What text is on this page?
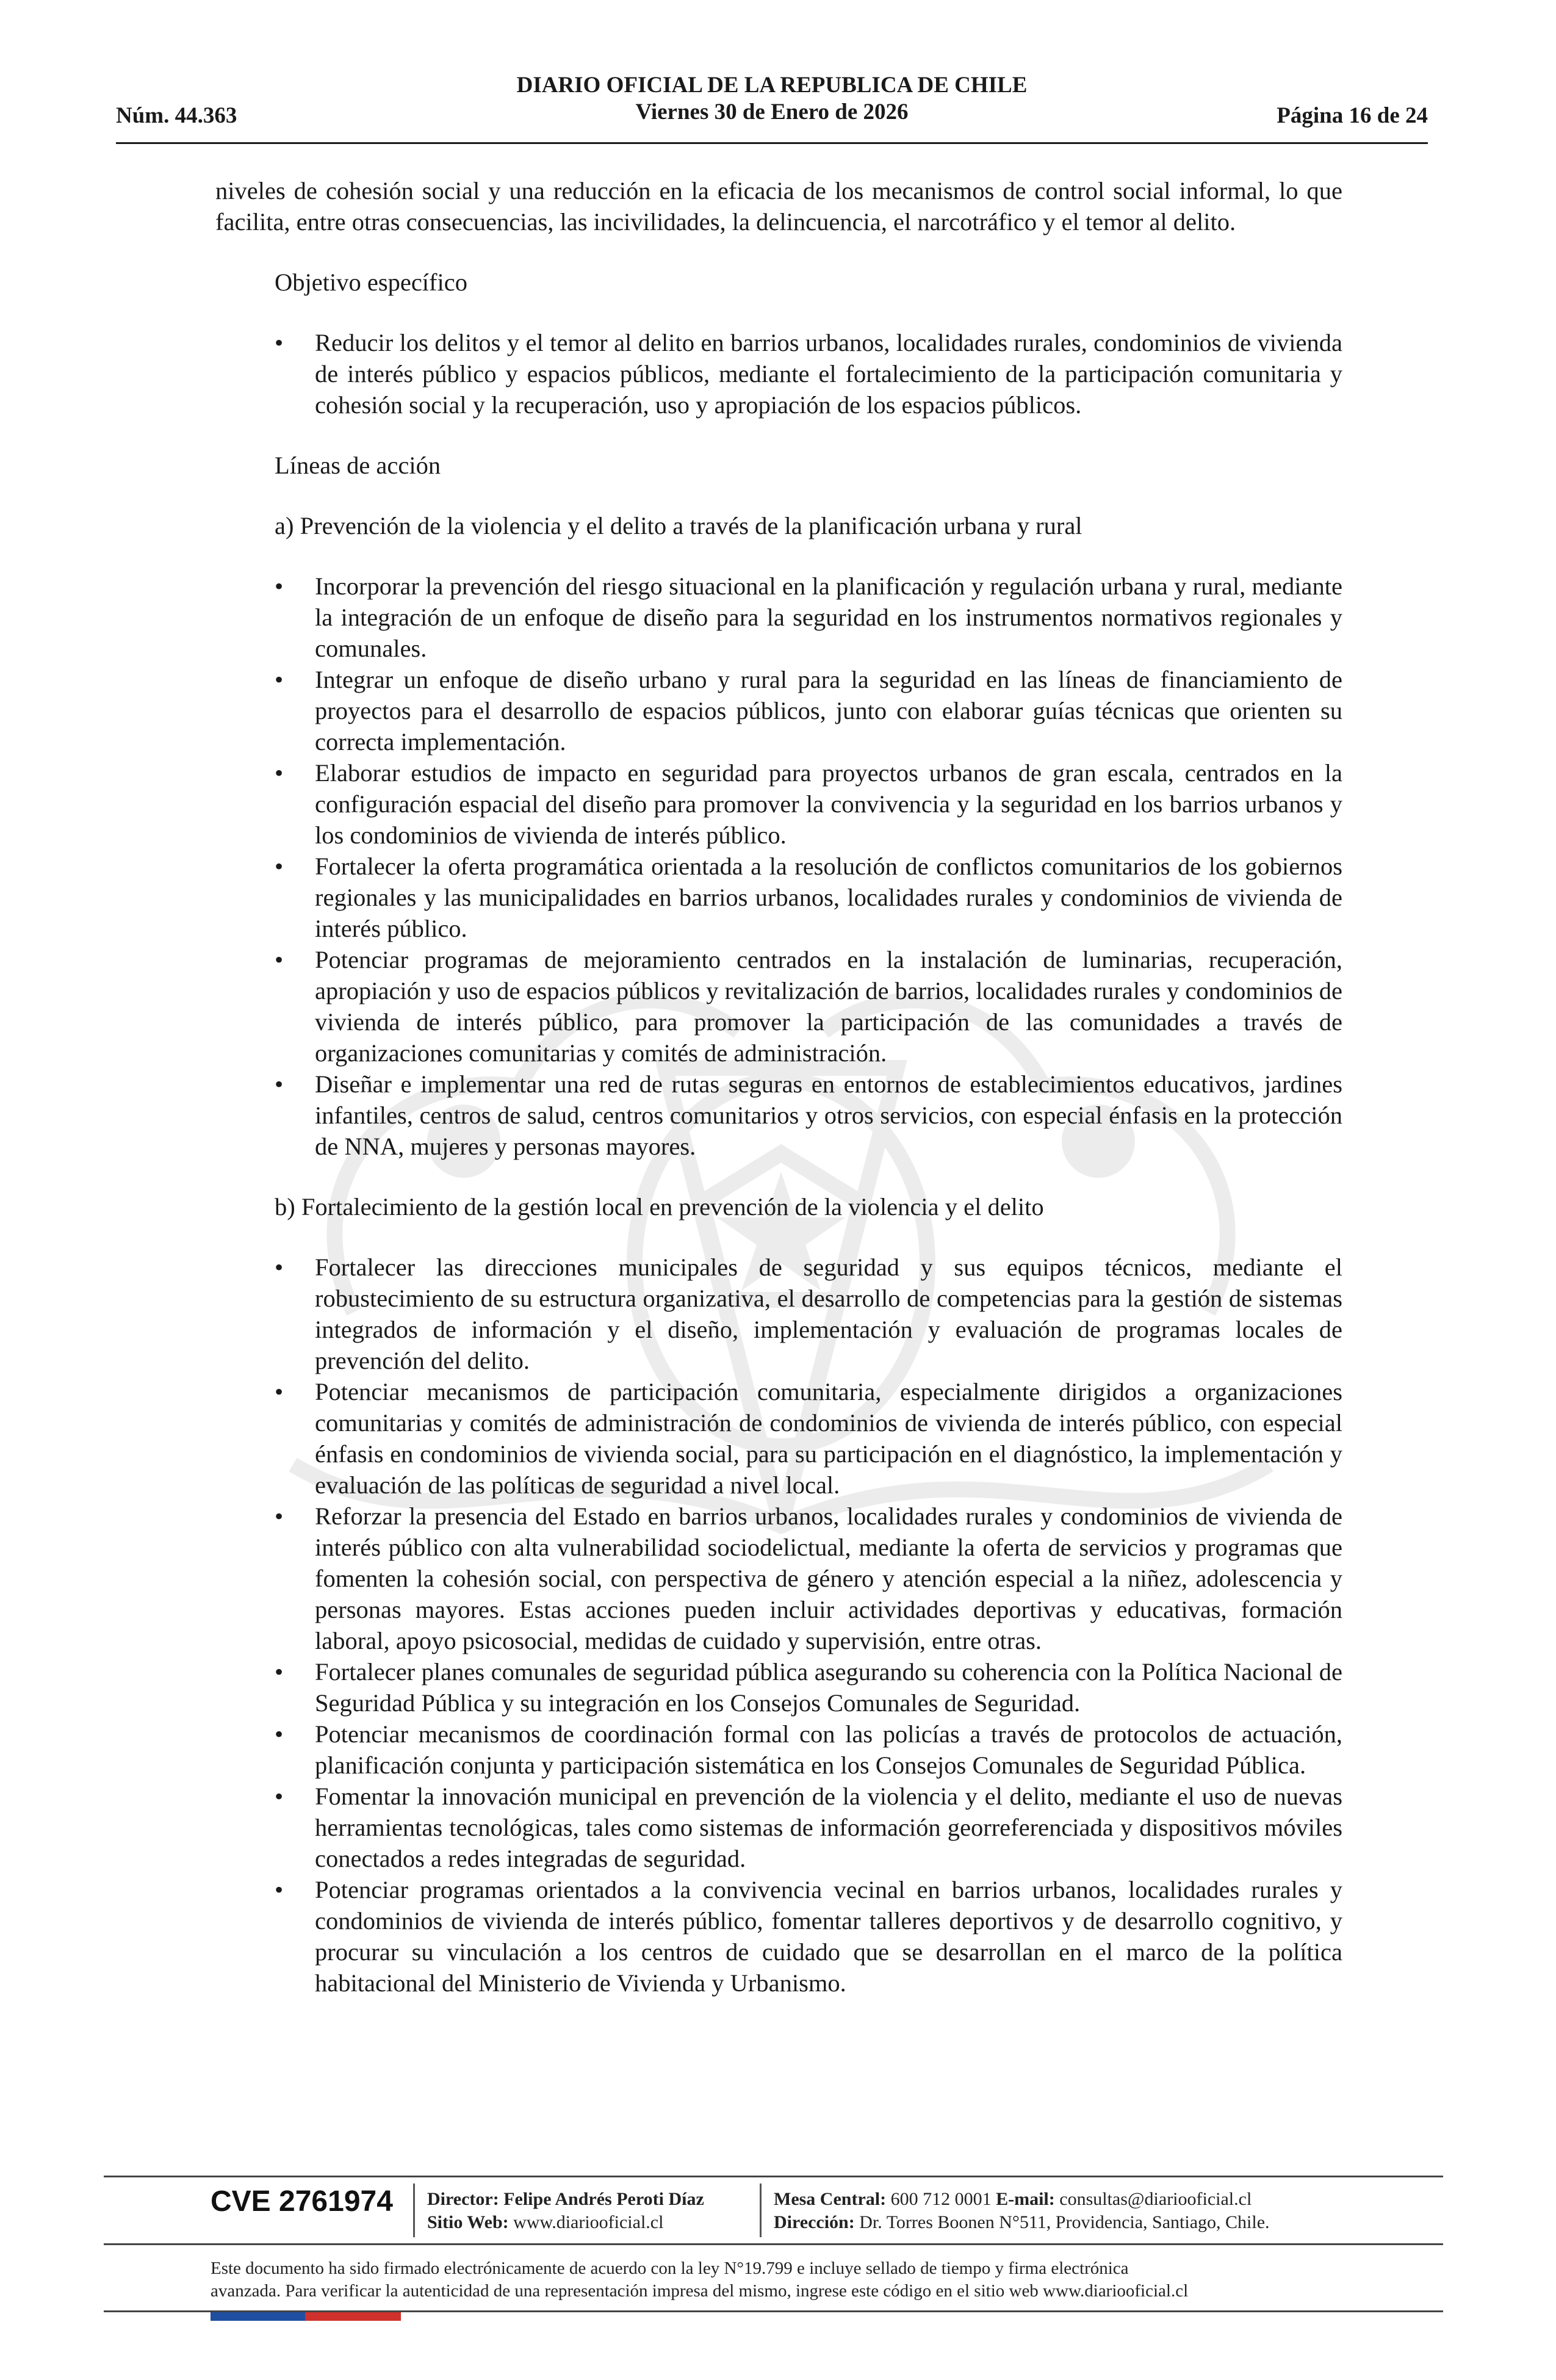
DIARIO OFICIAL DE LA REPUBLICA DE CHILE
Viernes 30 de Enero de 2026
Núm. 44.363	Página 16 de 24

niveles de cohesión social y una reducción en la eficacia de los mecanismos de control social informal, lo que facilita, entre otras consecuencias, las incivilidades, la delincuencia, el narcotráfico y el temor al delito.

Objetivo específico

• Reducir los delitos y el temor al delito en barrios urbanos, localidades rurales, condominios de vivienda de interés público y espacios públicos, mediante el fortalecimiento de la participación comunitaria y cohesión social y la recuperación, uso y apropiación de los espacios públicos.

Líneas de acción

a) Prevención de la violencia y el delito a través de la planificación urbana y rural

• Incorporar la prevención del riesgo situacional en la planificación y regulación urbana y rural, mediante la integración de un enfoque de diseño para la seguridad en los instrumentos normativos regionales y comunales.
• Integrar un enfoque de diseño urbano y rural para la seguridad en las líneas de financiamiento de proyectos para el desarrollo de espacios públicos, junto con elaborar guías técnicas que orienten su correcta implementación.
• Elaborar estudios de impacto en seguridad para proyectos urbanos de gran escala, centrados en la configuración espacial del diseño para promover la convivencia y la seguridad en los barrios urbanos y los condominios de vivienda de interés público.
• Fortalecer la oferta programática orientada a la resolución de conflictos comunitarios de los gobiernos regionales y las municipalidades en barrios urbanos, localidades rurales y condominios de vivienda de interés público.
• Potenciar programas de mejoramiento centrados en la instalación de luminarias, recuperación, apropiación y uso de espacios públicos y revitalización de barrios, localidades rurales y condominios de vivienda de interés público, para promover la participación de las comunidades a través de organizaciones comunitarias y comités de administración.
• Diseñar e implementar una red de rutas seguras en entornos de establecimientos educativos, jardines infantiles, centros de salud, centros comunitarios y otros servicios, con especial énfasis en la protección de NNA, mujeres y personas mayores.

b) Fortalecimiento de la gestión local en prevención de la violencia y el delito

• Fortalecer las direcciones municipales de seguridad y sus equipos técnicos, mediante el robustecimiento de su estructura organizativa, el desarrollo de competencias para la gestión de sistemas integrados de información y el diseño, implementación y evaluación de programas locales de prevención del delito.
• Potenciar mecanismos de participación comunitaria, especialmente dirigidos a organizaciones comunitarias y comités de administración de condominios de vivienda de interés público, con especial énfasis en condominios de vivienda social, para su participación en el diagnóstico, la implementación y evaluación de las políticas de seguridad a nivel local.
• Reforzar la presencia del Estado en barrios urbanos, localidades rurales y condominios de vivienda de interés público con alta vulnerabilidad sociodelictual, mediante la oferta de servicios y programas que fomenten la cohesión social, con perspectiva de género y atención especial a la niñez, adolescencia y personas mayores. Estas acciones pueden incluir actividades deportivas y educativas, formación laboral, apoyo psicosocial, medidas de cuidado y supervisión, entre otras.
• Fortalecer planes comunales de seguridad pública asegurando su coherencia con la Política Nacional de Seguridad Pública y su integración en los Consejos Comunales de Seguridad.
• Potenciar mecanismos de coordinación formal con las policías a través de protocolos de actuación, planificación conjunta y participación sistemática en los Consejos Comunales de Seguridad Pública.
• Fomentar la innovación municipal en prevención de la violencia y el delito, mediante el uso de nuevas herramientas tecnológicas, tales como sistemas de información georreferenciada y dispositivos móviles conectados a redes integradas de seguridad.
• Potenciar programas orientados a la convivencia vecinal en barrios urbanos, localidades rurales y condominios de vivienda de interés público, fomentar talleres deportivos y de desarrollo cognitivo, y procurar su vinculación a los centros de cuidado que se desarrollan en el marco de la política habitacional del Ministerio de Vivienda y Urbanismo.
CVE 2761974 Director: Felipe Andrés Peroti Díaz
Sitio Web: www.diariooficial.cl
Mesa Central: 600 712 0001 E-mail: consultas@diariooficial.cl
Dirección: Dr. Torres Boonen N°511, Providencia, Santiago, Chile.
Este documento ha sido firmado electrónicamente de acuerdo con la ley N°19.799 e incluye sellado de tiempo y firma electrónica
avanzada. Para verificar la autenticidad de una representación impresa del mismo, ingrese este código en el sitio web www.diariooficial.cl
